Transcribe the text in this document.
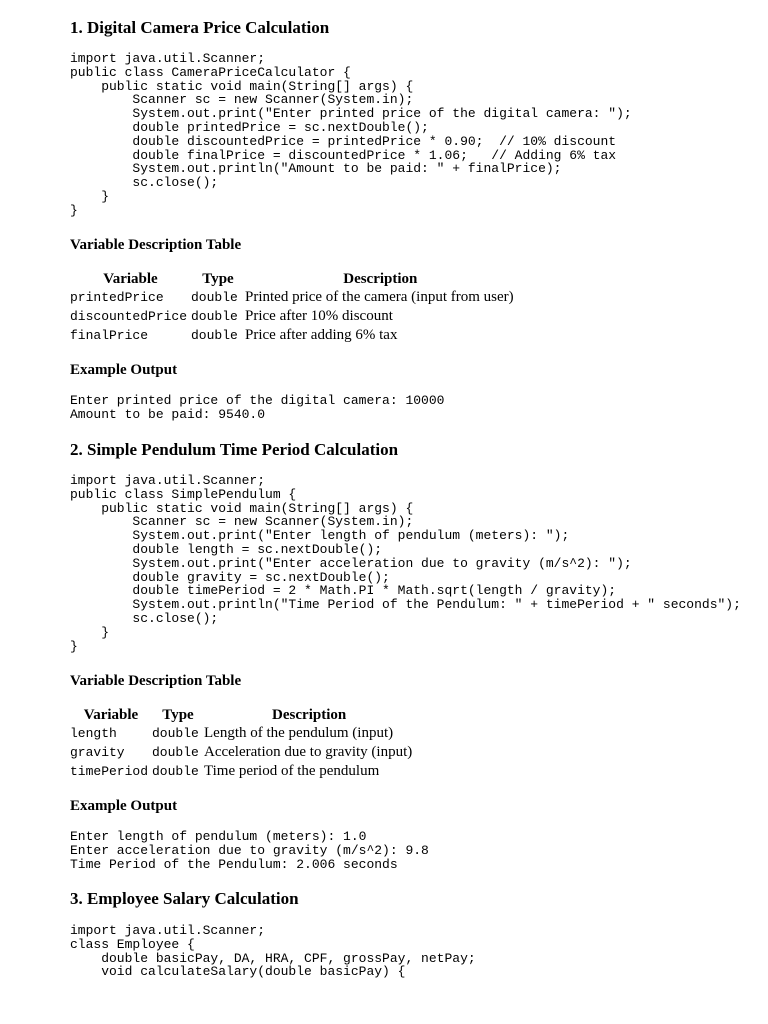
1. Digital Camera Price Calculation
import java.util.Scanner;
public class CameraPriceCalculator {
public static void main(String[] args) {
Scanner sc = new Scanner(System.in);
System.out.print("Enter printed price of the digital camera: ");
double printedPrice = sc.nextDouble();
double discountedPrice = printedPrice * 0.90;  // 10% discount
double finalPrice = discountedPrice * 1.06;   // Adding 6% tax
System.out.println("Amount to be paid: " + finalPrice);
sc.close();
}
}
Variable Description Table
Variable	Type	Description
printedPrice	double	Printed price of the camera (input from user)
discountedPrice	double	Price after 10% discount
finalPrice	double	Price after adding 6% tax
Example Output
Enter printed price of the digital camera: 10000
Amount to be paid: 9540.0
2. Simple Pendulum Time Period Calculation
import java.util.Scanner;
public class SimplePendulum {
public static void main(String[] args) {
Scanner sc = new Scanner(System.in);
System.out.print("Enter length of pendulum (meters): ");
double length = sc.nextDouble();
System.out.print("Enter acceleration due to gravity (m/s^2): ");
double gravity = sc.nextDouble();
double timePeriod = 2 * Math.PI * Math.sqrt(length / gravity);
System.out.println("Time Period of the Pendulum: " + timePeriod + " seconds");
sc.close();
}
}
Variable Description Table
Variable	Type	Description
length	double	Length of the pendulum (input)
gravity	double	Acceleration due to gravity (input)
timePeriod	double	Time period of the pendulum
Example Output
Enter length of pendulum (meters): 1.0
Enter acceleration due to gravity (m/s^2): 9.8
Time Period of the Pendulum: 2.006 seconds
3. Employee Salary Calculation
import java.util.Scanner;
class Employee {
double basicPay, DA, HRA, CPF, grossPay, netPay;
void calculateSalary(double basicPay) {
